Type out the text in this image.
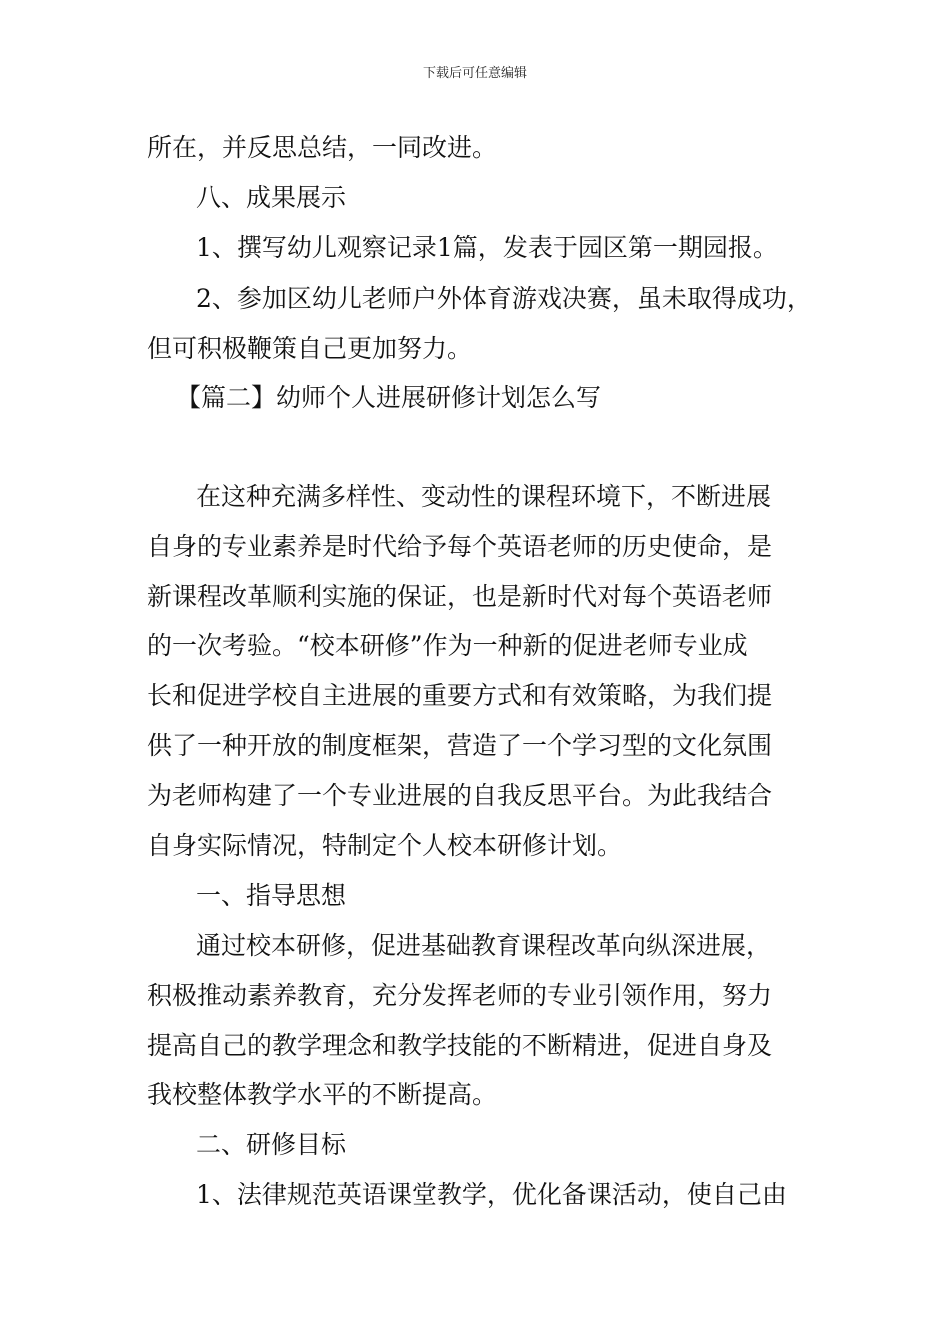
下载后可任意编辑
所在，并反思总结，一同改进。
八、成果展示
1、撰写幼儿观察记录1篇，发表于园区第一期园报。
2、参加区幼儿老师户外体育游戏决赛，虽未取得成功，
但可积极鞭策自己更加努力。
【篇二】幼师个人进展研修计划怎么写
在这种充满多样性、变动性的课程环境下，不断进展
自身的专业素养是时代给予每个英语老师的历史使命，是
新课程改革顺利实施的保证，也是新时代对每个英语老师
的一次考验。“校本研修”作为一种新的促进老师专业成
长和促进学校自主进展的重要方式和有效策略，为我们提
供了一种开放的制度框架，营造了一个学习型的文化氛围
为老师构建了一个专业进展的自我反思平台。为此我结合
自身实际情况，特制定个人校本研修计划。
一、指导思想
通过校本研修，促进基础教育课程改革向纵深进展，
积极推动素养教育，充分发挥老师的专业引领作用，努力
提高自己的教学理念和教学技能的不断精进，促进自身及
我校整体教学水平的不断提高。
二、研修目标
1、法律规范英语课堂教学，优化备课活动，使自己由
